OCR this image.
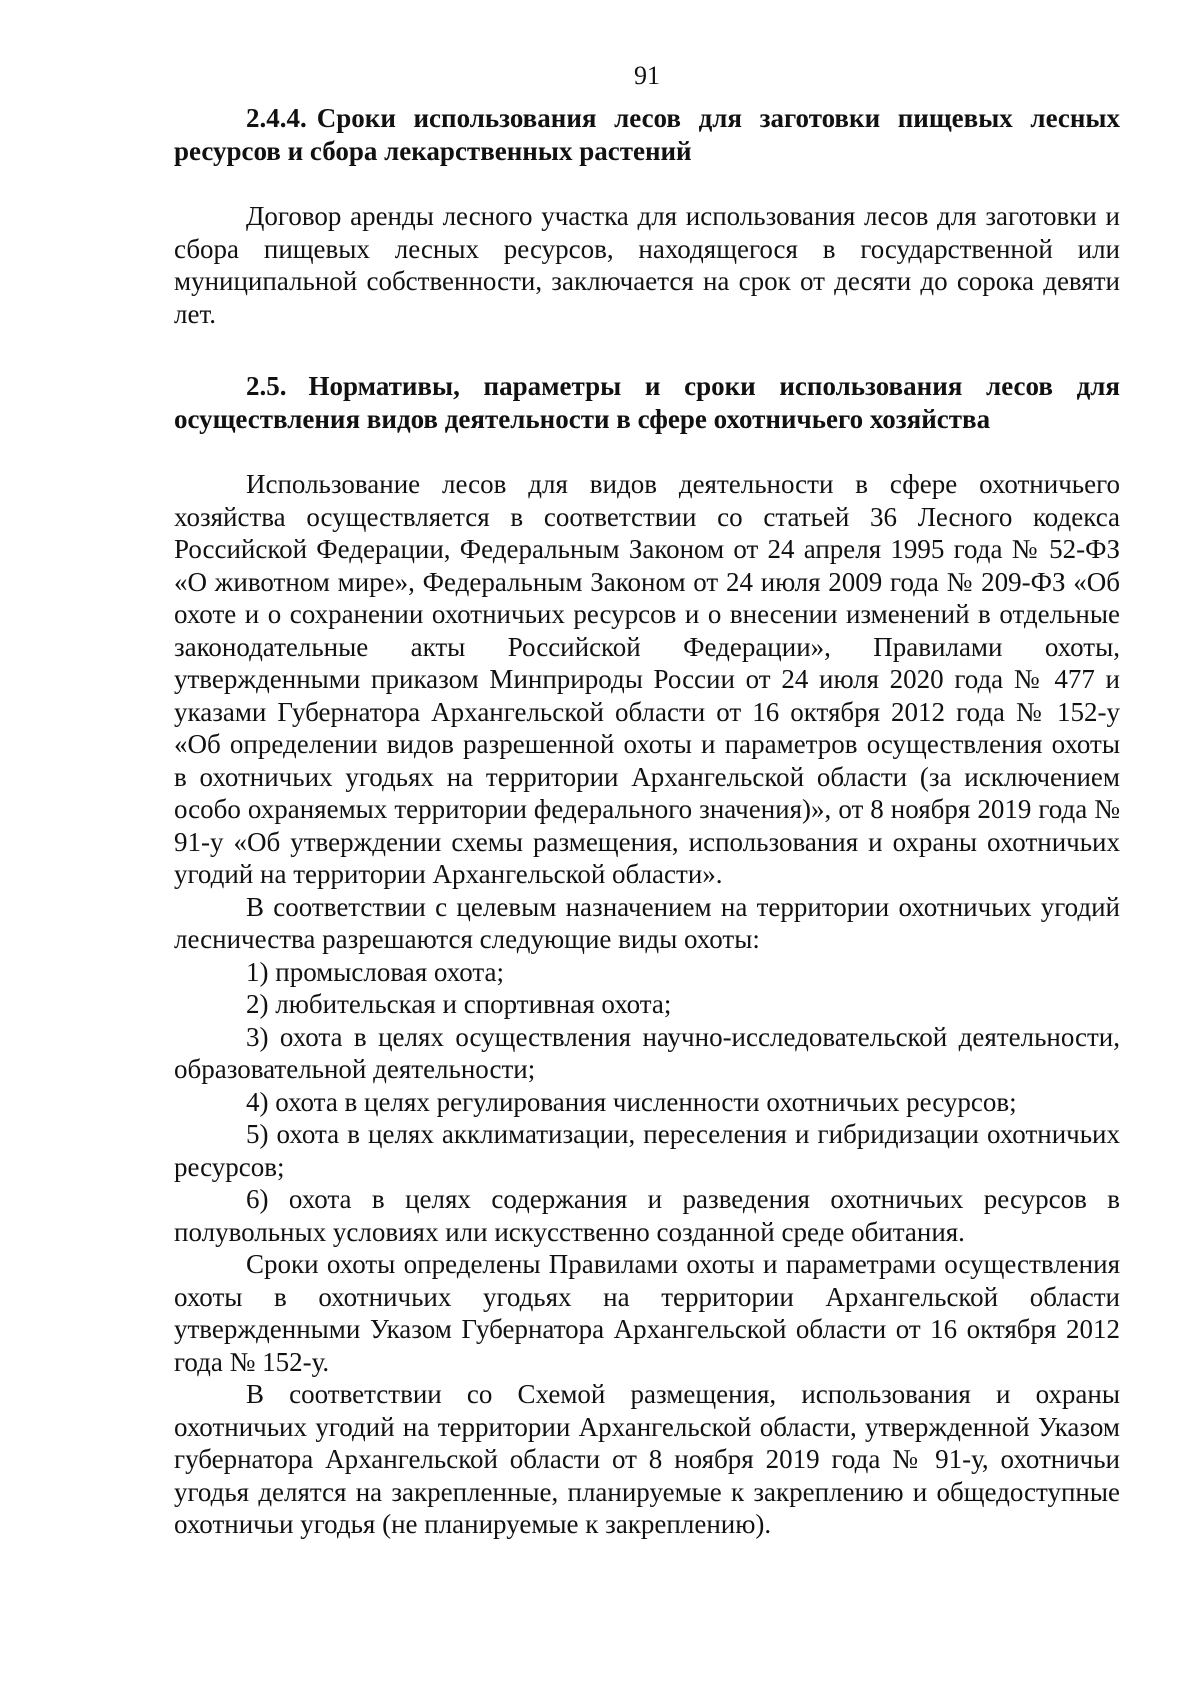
91

2.4.4. Сроки использования лесов для заготовки пищевых лесных ресурсов и сбора лекарственных растений

Договор аренды лесного участка для использования лесов для заготовки и сбора пищевых лесных ресурсов, находящегося в государственной или муниципальной собственности, заключается на срок от десяти до сорока девяти лет.

2.5. Нормативы, параметры и сроки использования лесов для осуществления видов деятельности в сфере охотничьего хозяйства

Использование лесов для видов деятельности в сфере охотничьего хозяйства осуществляется в соответствии со статьей 36 Лесного кодекса Российской Федерации, Федеральным Законом от 24 апреля 1995 года № 52-ФЗ «О животном мире», Федеральным Законом от 24 июля 2009 года № 209-ФЗ «Об охоте и о сохранении охотничьих ресурсов и о внесении изменений в отдельные законодательные акты Российской Федерации», Правилами охоты, утвержденными приказом Минприроды России от 24 июля 2020 года № 477 и указами Губернатора Архангельской области от 16 октября 2012 года № 152-у «Об определении видов разрешенной охоты и параметров осуществления охоты в охотничьих угодьях на территории Архангельской области (за исключением особо охраняемых территории федерального значения)», от 8 ноября 2019 года № 91-у «Об утверждении схемы размещения, использования и охраны охотничьих угодий на территории Архангельской области».

В соответствии с целевым назначением на территории охотничьих угодий лесничества разрешаются следующие виды охоты:

1) промысловая охота;

2) любительская и спортивная охота;

3) охота в целях осуществления научно-исследовательской деятельности, образовательной деятельности;

4) охота в целях регулирования численности охотничьих ресурсов;

5) охота в целях акклиматизации, переселения и гибридизации охотничьих ресурсов;

6) охота в целях содержания и разведения охотничьих ресурсов в полувольных условиях или искусственно созданной среде обитания.

Сроки охоты определены Правилами охоты и параметрами осуществления охоты в охотничьих угодьях на территории Архангельской области утвержденными Указом Губернатора Архангельской области от 16 октября 2012 года № 152-у.

В соответствии со Схемой размещения, использования и охраны охотничьих угодий на территории Архангельской области, утвержденной Указом губернатора Архангельской области от 8 ноября 2019 года № 91-у, охотничьи угодья делятся на закрепленные, планируемые к закреплению и общедоступные охотничьи угодья (не планируемые к закреплению).
